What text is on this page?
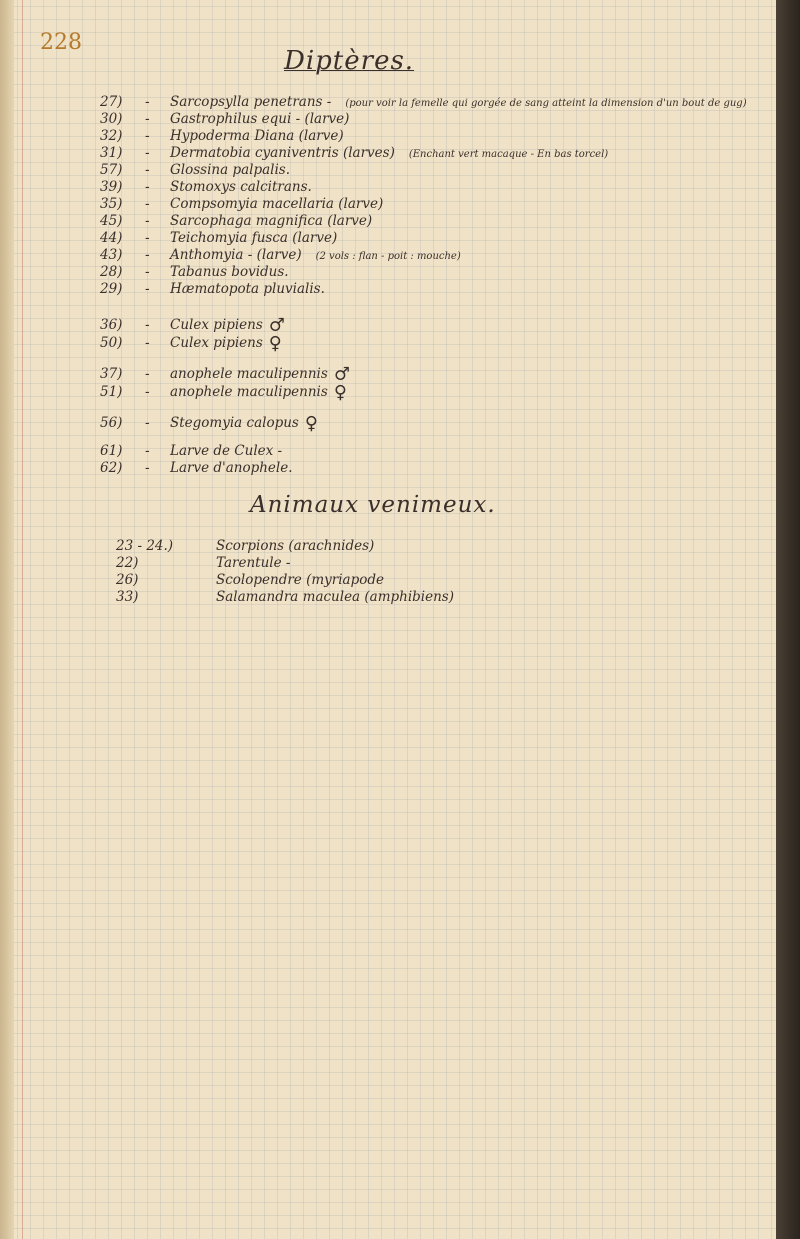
228
Diptères.
27) - Sarcopsylla penetrans - (pour voir la femelle qui gorgée de sang atteint la dimension d'un bout de gug)
30) - Gastrophilus equi - (larve)
32) - Hypoderma Diana (larve)
31) - Dermatobia cyaniventris (larves) (Enchant vert macaque - En bas torcel)
57) - Glossina palpalis.
39) - Stomoxys calcitrans.
35) - Compsomyia macellaria (larve)
45) - Sarcophaga magnifica (larve)
44) - Teichomyia fusca (larve)
43) - Anthomyia - (larve) (2 vols : flan - poit : mouche)
28) - Tabanus bovidus.
29) - Hæmatopota pluvialis.
36) - Culex pipiens ♂
50) - Culex pipiens ♀
37) - anophele maculipennis ♂
51) - anophele maculipennis ♀
56) - Stegomyia calopus ♀
61) - Larve de Culex -
62) - Larve d'anophele.
Animaux venimeux.
23 - 24.)	Scorpions (arachnides)
22)	Tarentule -
26)	Scolopendre (myriapode
33)	Salamandra maculea (amphibiens)
